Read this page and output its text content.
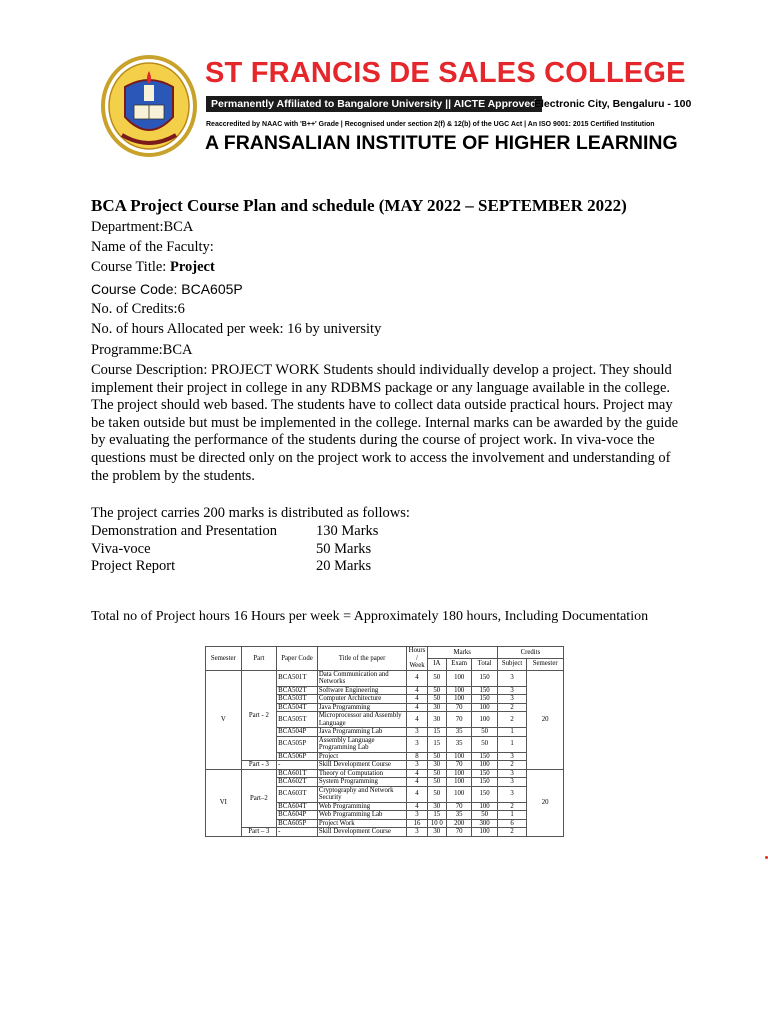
ST FRANCIS DE SALES COLLEGE
Permanently Affiliated to Bangalore University || AICTE Approved
Electronic City, Bengaluru - 100
Reaccredited by NAAC with 'B++' Grade | Recognised under section 2(f) & 12(b) of the UGC Act | An ISO 9001: 2015 Certified Institution
A FRANSALIAN INSTITUTE OF HIGHER LEARNING
BCA Project Course Plan and schedule (MAY 2022 – SEPTEMBER 2022)
Department:BCA
Name of the Faculty:
Course Title: Project
Course Code: BCA605P
No. of Credits:6
No. of hours Allocated per week: 16 by university
Programme:BCA
Course Description: PROJECT WORK Students should individually develop a project. They should implement their project in college in any RDBMS package or any language available in the college. The project should web based. The students have to collect data outside practical hours. Project may be taken outside but must be implemented in the college. Internal marks can be awarded by the guide by evaluating the performance of the students during the course of project work. In viva-voce the questions must be directed only on the project work to access the involvement and understanding of the problem by the students.
The project carries 200 marks is distributed as follows:
Demonstration and Presentation	130 Marks
Viva-voce	50 Marks
Project Report	20 Marks
Total no of Project hours 16 Hours per week = Approximately 180 hours, Including Documentation
Semester	Part	Paper Code	Title of the paper	Hours / Week	Marks			Credits	
					IA	Exam	Total	Subject	Semester
V	Part - 2	BCA501T	Data Communication and Networks	4	50	100	150	3	20
		BCA502T	Software Engineering	4	50	100	150	3	
		BCA503T	Computer Architecture	4	50	100	150	3	
		BCA504T	Java Programming	4	30	70	100	2	
		BCA505T	Microprocessor and Assembly Language	4	30	70	100	2	
		BCA504P	Java Programming Lab	3	15	35	50	1	
		BCA505P	Assembly Language Programming Lab	3	15	35	50	1	
		BCA506P	Project	8	50	100	150	3	
	Part - 3	-	Skill Development Course	3	30	70	100	2	
VI	Part–2	BCA601T	Theory of Computation	4	50	100	150	3	20
		BCA602T	System Programming	4	50	100	150	3	
		BCA603T	Cryptography and Network Security	4	50	100	150	3	
		BCA604T	Web Programming	4	30	70	100	2	
		BCA604P	Web Programming Lab	3	15	35	50	1	
		BCA605P	Project Work	16	10 0	200	300	6	
	Part – 3	-	Skill Development Course	3	30	70	100	2	
